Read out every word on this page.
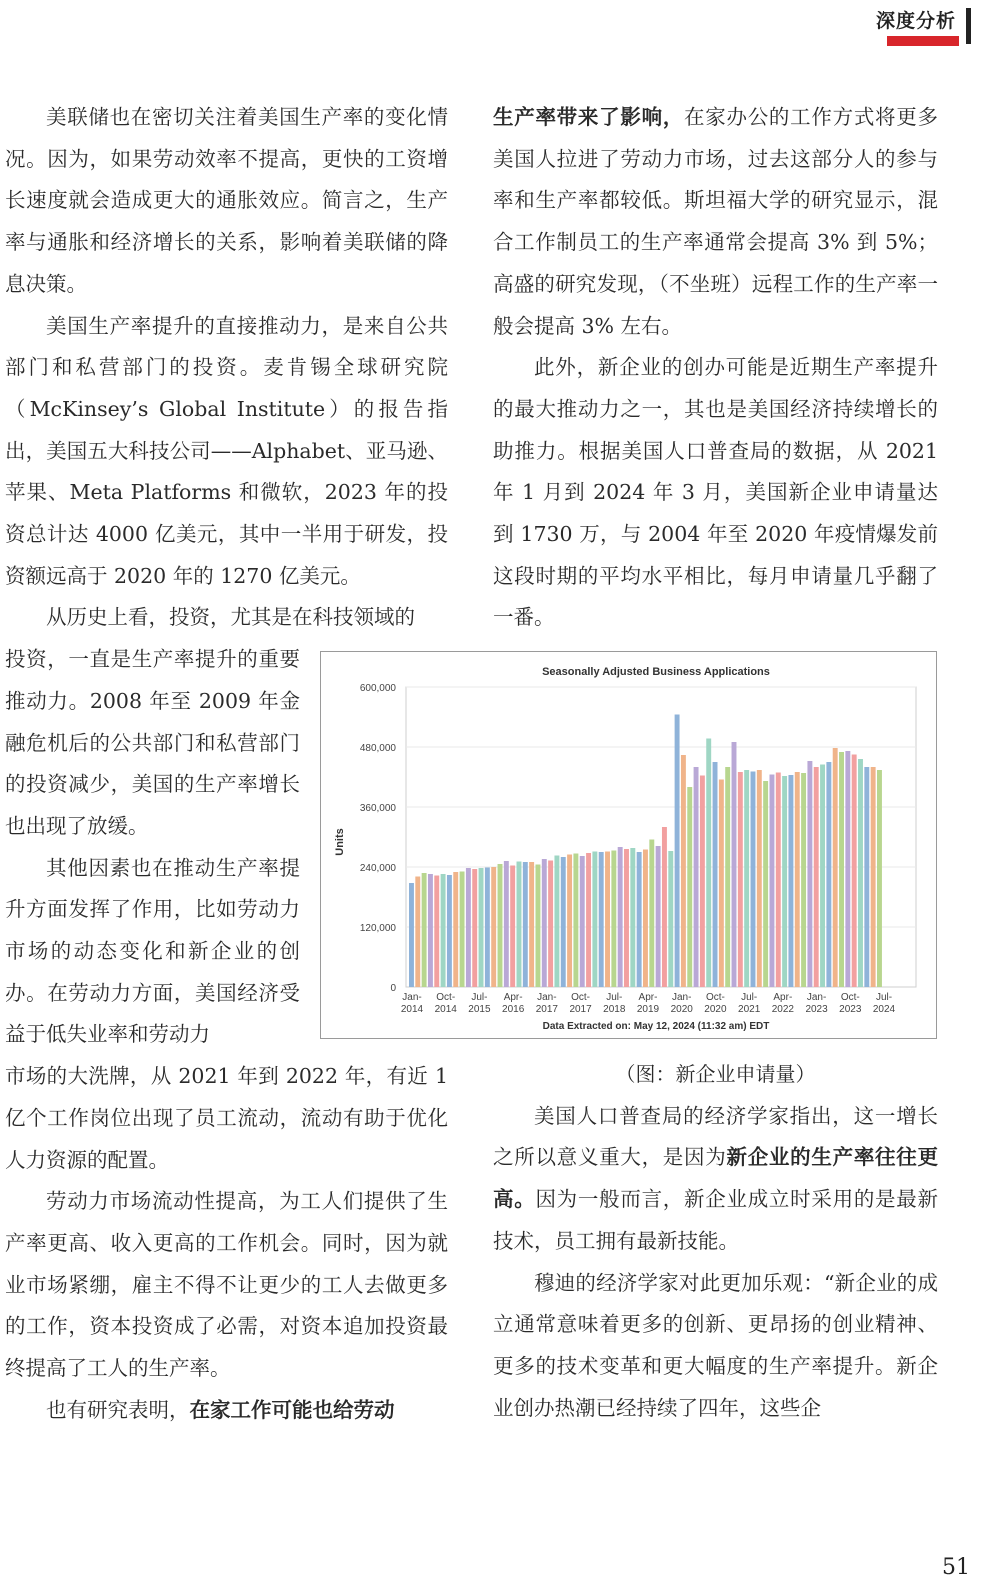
深度分析

美联储也在密切关注着美国生产率的变化情况。因为，如果劳动效率不提高，更快的工资增长速度就会造成更大的通胀效应。简言之，生产率与通胀和经济增长的关系，影响着美联储的降息决策。

美国生产率提升的直接推动力，是来自公共部门和私营部门的投资。麦肯锡全球研究院（McKinsey’s Global Institute）的报告指出，美国五大科技公司——Alphabet、亚马逊、苹果、Meta Platforms 和微软，2023 年的投资总计达 4000 亿美元，其中一半用于研发，投资额远高于 2020 年的 1270 亿美元。

从历史上看，投资，尤其是在科技领域的

投资，一直是生产率提升的重要推动力。2008 年至 2009 年金融危机后的公共部门和私营部门的投资减少，美国的生产率增长也出现了放缓。

其他因素也在推动生产率提升方面发挥了作用，比如劳动力市场的动态变化和新企业的创办。在劳动力方面，美国经济受益于低失业率和劳动力

市场的大洗牌，从 2021 年到 2022 年，有近 1 亿个工作岗位出现了员工流动，流动有助于优化人力资源的配置。

劳动力市场流动性提高，为工人们提供了生产率更高、收入更高的工作机会。同时，因为就业市场紧绷，雇主不得不让更少的工人去做更多的工作，资本投资成了必需，对资本追加投资最终提高了工人的生产率。

也有研究表明，在家工作可能也给劳动

生产率带来了影响，在家办公的工作方式将更多美国人拉进了劳动力市场，过去这部分人的参与率和生产率都较低。斯坦福大学的研究显示，混合工作制员工的生产率通常会提高 3% 到 5%；高盛的研究发现，（不坐班）远程工作的生产率一般会提高 3% 左右。

此外，新企业的创办可能是近期生产率提升的最大推动力之一，其也是美国经济持续增长的助推力。根据美国人口普查局的数据，从 2021 年 1 月到 2024 年 3 月，美国新企业申请量达到 1730 万，与 2004 年至 2020 年疫情爆发前这段时期的平均水平相比，每月申请量几乎翻了一番。

Seasonally Adjusted Business Applications
0
120,000
240,000
360,000
480,000
600,000
Jan-
2014
Oct-
2014
Jul-
2015
Apr-
2016
Jan-
2017
Oct-
2017
Jul-
2018
Apr-
2019
Jan-
2020
Oct-
2020
Jul-
2021
Apr-
2022
Jan-
2023
Oct-
2023
Jul-
2024
Units
Data Extracted on: May 12, 2024 (11:32 am) EDT

（图：新企业申请量）

美国人口普查局的经济学家指出，这一增长之所以意义重大，是因为新企业的生产率往往更高。因为一般而言，新企业成立时采用的是最新技术，员工拥有最新技能。

穆迪的经济学家对此更加乐观：“新企业的成立通常意味着更多的创新、更昂扬的创业精神、更多的技术变革和更大幅度的生产率提升。新企业创办热潮已经持续了四年，这些企

51
